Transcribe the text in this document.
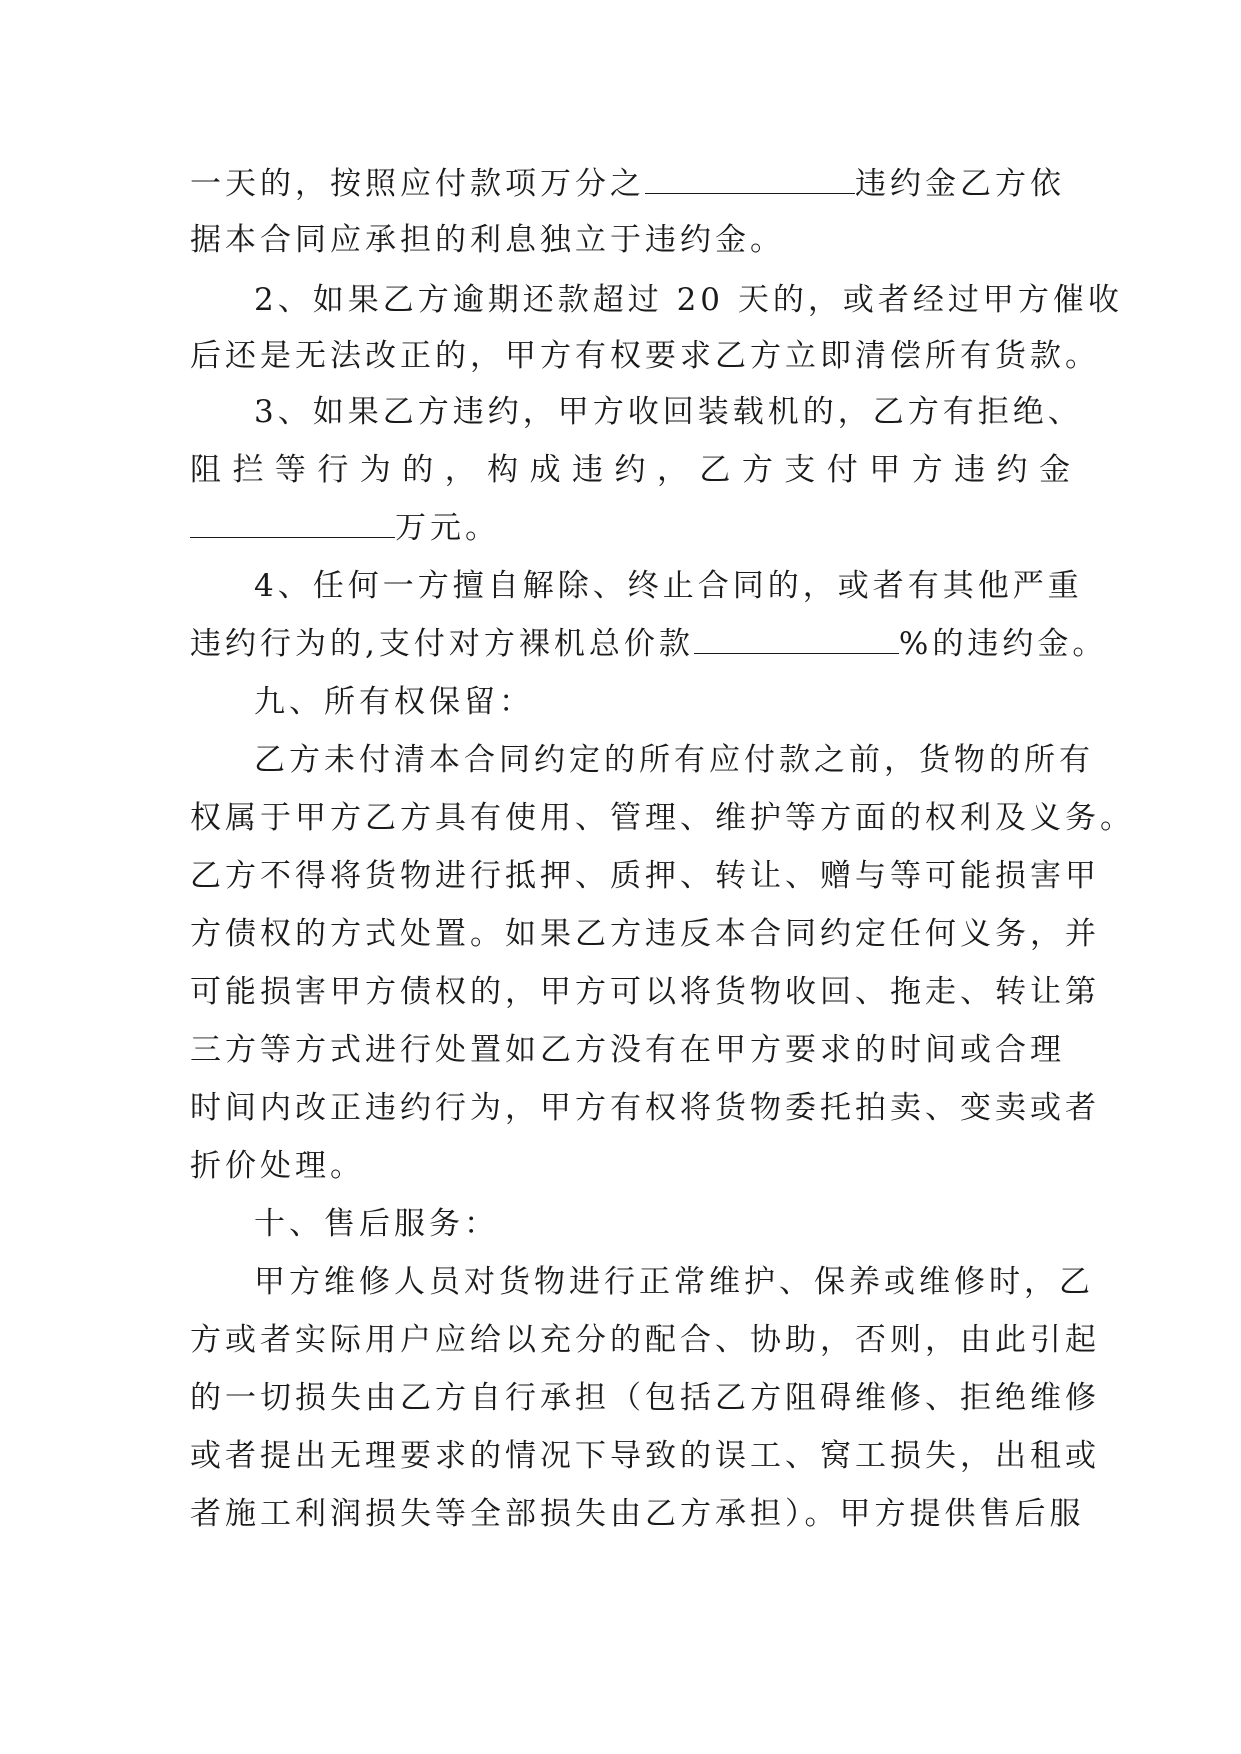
一天的，按照应付款项万分之	违约金乙方依
据本合同应承担的利息独立于违约金。
2、如果乙方逾期还款超过 20 天的，或者经过甲方催收
后还是无法改正的，甲方有权要求乙方立即清偿所有货款。
3、如果乙方违约，甲方收回装载机的，乙方有拒绝、
阻拦等行为的，构成违约，乙方支付甲方违约金
万元。
4、任何一方擅自解除、终止合同的，或者有其他严重
违约行为的,支付对方裸机总价款	%的违约金。
九、所有权保留：
乙方未付清本合同约定的所有应付款之前，货物的所有
权属于甲方乙方具有使用、管理、维护等方面的权利及义务。
乙方不得将货物进行抵押、质押、转让、赠与等可能损害甲
方债权的方式处置。如果乙方违反本合同约定任何义务，并
可能损害甲方债权的，甲方可以将货物收回、拖走、转让第
三方等方式进行处置如乙方没有在甲方要求的时间或合理
时间内改正违约行为，甲方有权将货物委托拍卖、变卖或者
折价处理。
十、售后服务：
甲方维修人员对货物进行正常维护、保养或维修时，乙
方或者实际用户应给以充分的配合、协助，否则，由此引起
的一切损失由乙方自行承担（包括乙方阻碍维修、拒绝维修
或者提出无理要求的情况下导致的误工、窝工损失，出租或
者施工利润损失等全部损失由乙方承担）。甲方提供售后服
